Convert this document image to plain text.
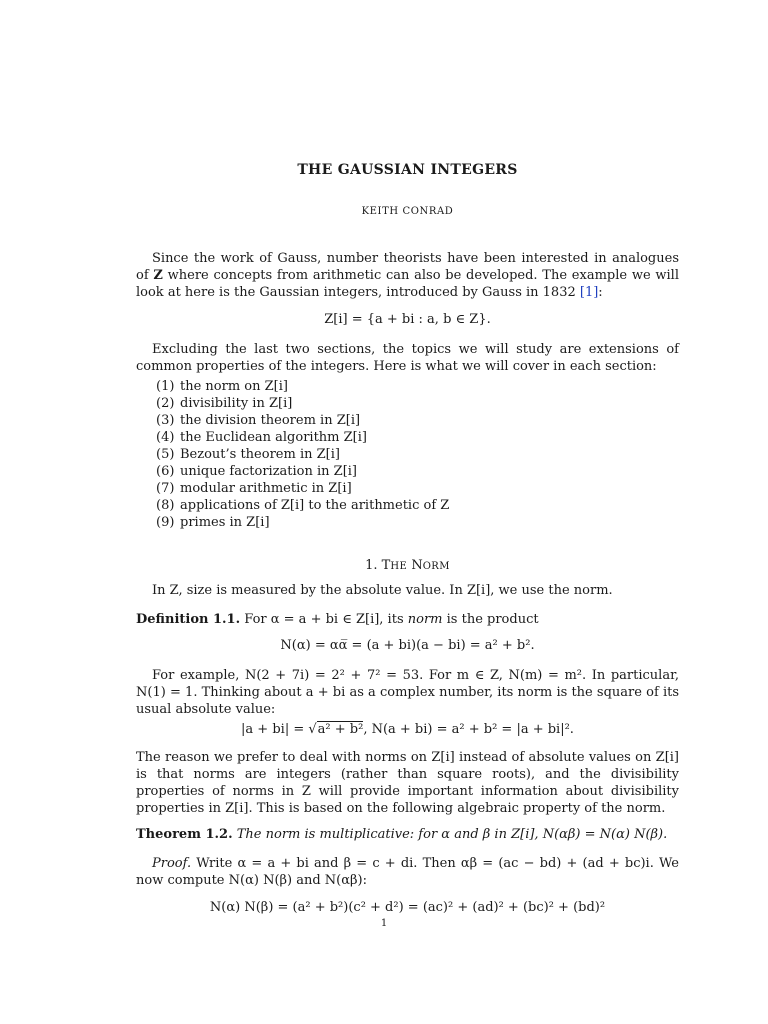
THE GAUSSIAN INTEGERS
KEITH CONRAD

Since the work of Gauss, number theorists have been interested in analogues of Z where concepts from arithmetic can also be developed. The example we will look at here is the Gaussian integers, introduced by Gauss in 1832 [1]:

Z[i] = {a + bi : a, b ∈ Z}.

Excluding the last two sections, the topics we will study are extensions of common properties of the integers. Here is what we will cover in each section:

(1) the norm on Z[i]
(2) divisibility in Z[i]
(3) the division theorem in Z[i]
(4) the Euclidean algorithm Z[i]
(5) Bezout’s theorem in Z[i]
(6) unique factorization in Z[i]
(7) modular arithmetic in Z[i]
(8) applications of Z[i] to the arithmetic of Z
(9) primes in Z[i]
1. THE NORM

In Z, size is measured by the absolute value. In Z[i], we use the norm.

Definition 1.1. For α = a + bi ∈ Z[i], its norm is the product

N(α) = αα̅ = (a + bi)(a − bi) = a² + b².

For example, N(2 + 7i) = 2² + 7² = 53. For m ∈ Z, N(m) = m². In particular, N(1) = 1. Thinking about a + bi as a complex number, its norm is the square of its usual absolute value:

|a + bi| = √a² + b², N(a + bi) = a² + b² = |a + bi|².

The reason we prefer to deal with norms on Z[i] instead of absolute values on Z[i] is that norms are integers (rather than square roots), and the divisibility properties of norms in Z will provide important information about divisibility properties in Z[i]. This is based on the following algebraic property of the norm.

Theorem 1.2. The norm is multiplicative: for α and β in Z[i], N(αβ) = N(α) N(β).

Proof. Write α = a + bi and β = c + di. Then αβ = (ac − bd) + (ad + bc)i. We now compute N(α) N(β) and N(αβ):

N(α) N(β) = (a² + b²)(c² + d²) = (ac)² + (ad)² + (bc)² + (bd)²
1
